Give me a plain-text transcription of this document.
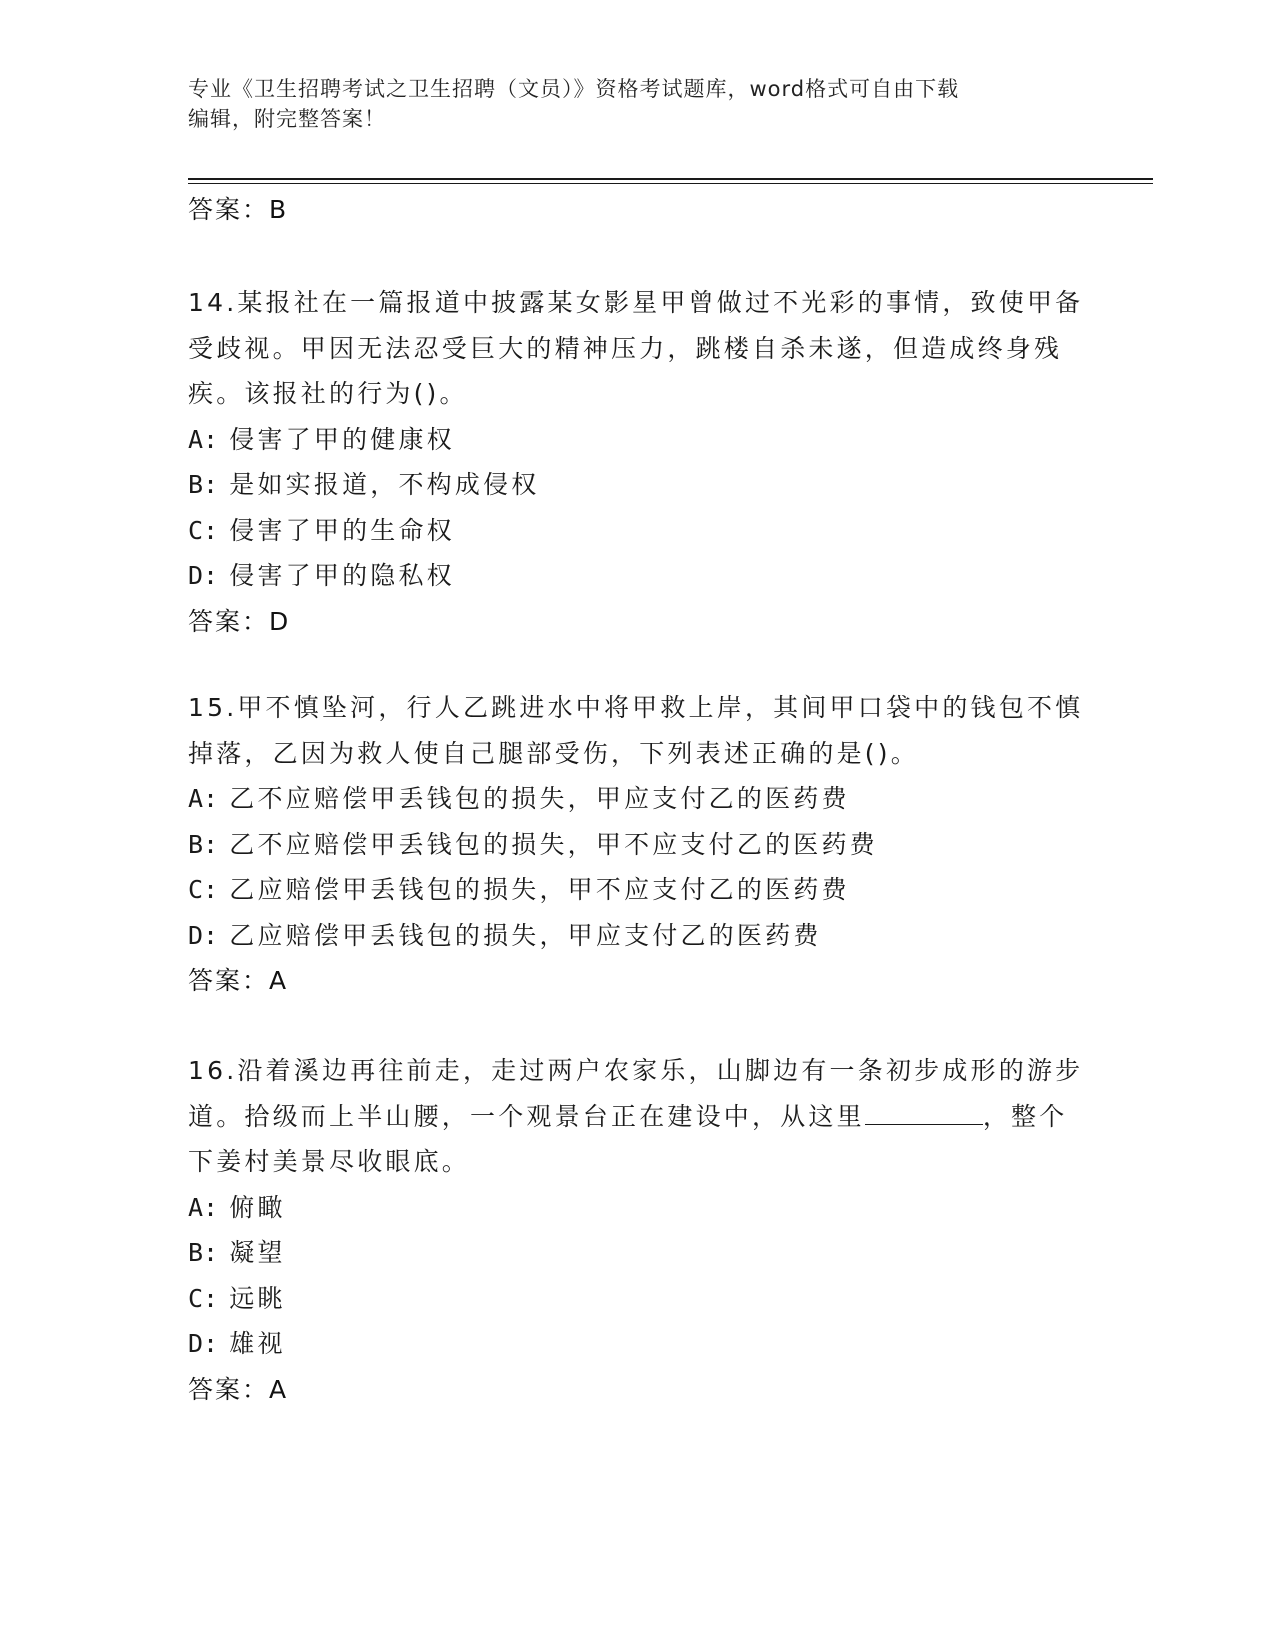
专业《卫生招聘考试之卫生招聘（文员）》资格考试题库，word格式可自由下载
编辑，附完整答案！
答案：B
14.某报社在一篇报道中披露某女影星甲曾做过不光彩的事情，致使甲备受歧视。甲因无法忍受巨大的精神压力，跳楼自杀未遂，但造成终身残疾。该报社的行为()。
A: 侵害了甲的健康权
B: 是如实报道，不构成侵权
C: 侵害了甲的生命权
D: 侵害了甲的隐私权
答案：D
15.甲不慎坠河，行人乙跳进水中将甲救上岸，其间甲口袋中的钱包不慎掉落，乙因为救人使自己腿部受伤，下列表述正确的是()。
A: 乙不应赔偿甲丢钱包的损失，甲应支付乙的医药费
B: 乙不应赔偿甲丢钱包的损失，甲不应支付乙的医药费
C: 乙应赔偿甲丢钱包的损失，甲不应支付乙的医药费
D: 乙应赔偿甲丢钱包的损失，甲应支付乙的医药费
答案：A
16.沿着溪边再往前走，走过两户农家乐，山脚边有一条初步成形的游步道。拾级而上半山腰，一个观景台正在建设中，从这里	，整个下姜村美景尽收眼底。
A: 俯瞰
B: 凝望
C: 远眺
D: 雄视
答案：A
